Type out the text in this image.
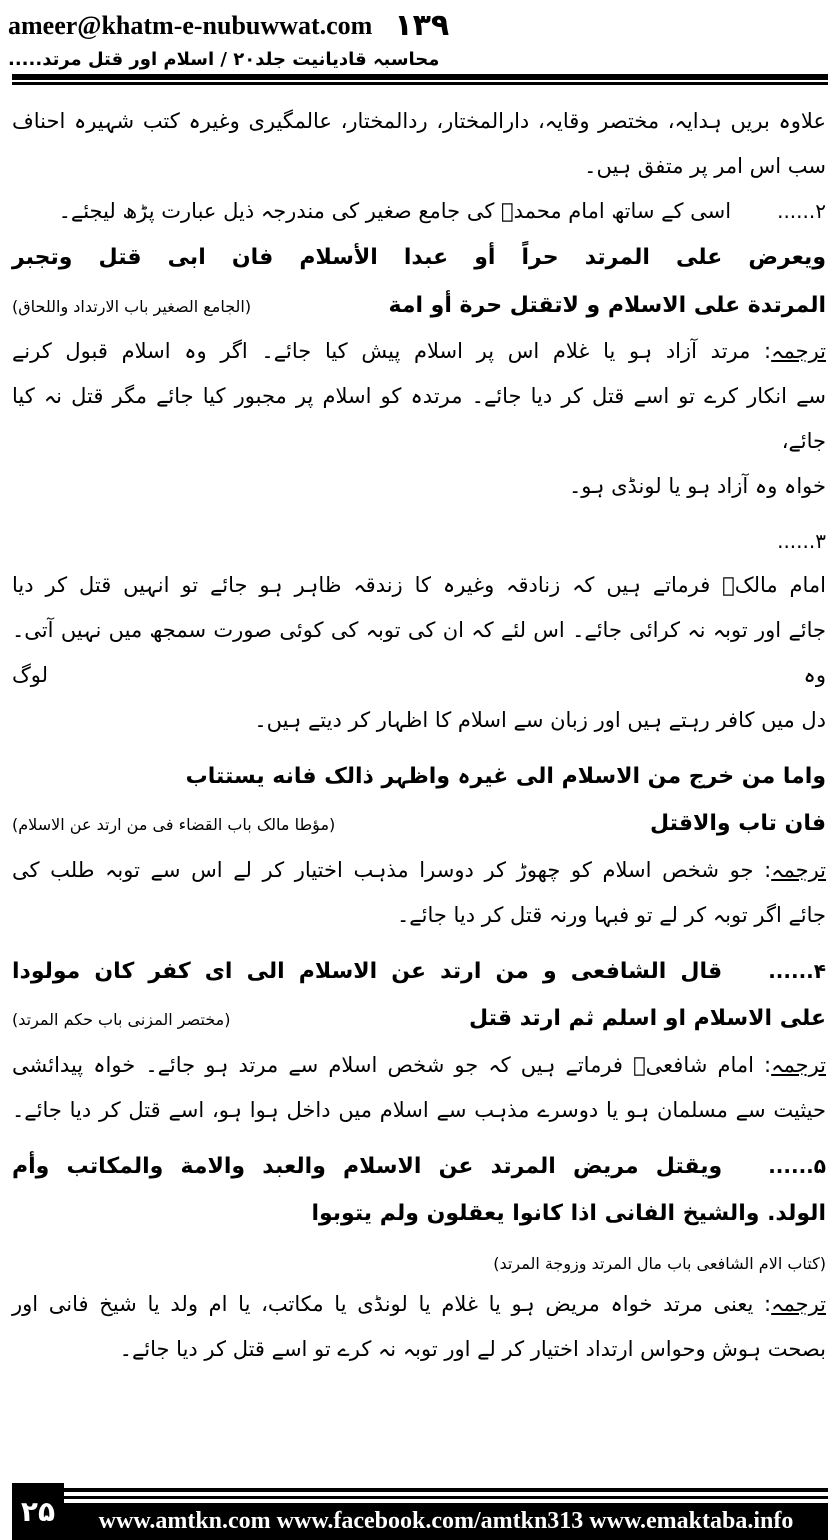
ameer@khatm-e-nubuwwat.com ۱۳۹
محاسبہ قادیانیت جلد۲۰ / اسلام اور قتل مرتد.....
علاوہ بریں ہدایہ، مختصر وقایہ، دارالمختار، ردالمختار، عالمگیری وغیرہ کتب شہیرہ احناف
سب اس امر پر متفق ہیں۔
۲......
اسی کے ساتھ امام محمدؒ کی جامع صغیر کی مندرجہ ذیل عبارت پڑھ لیجئے۔
ویعرض علی المرتد حراً أو عبدا الأسلام فان ابی قتل وتجبر
المرتدة علی الاسلام و لاتقتل حرة أو امة
(الجامع الصغیر باب الارتداد واللحاق)
ترجمہ: مرتد آزاد ہو یا غلام اس پر اسلام پیش کیا جائے۔ اگر وہ اسلام قبول کرنے
سے انکار کرے تو اسے قتل کر دیا جائے۔ مرتدہ کو اسلام پر مجبور کیا جائے مگر قتل نہ کیا جائے،
خواہ وہ آزاد ہو یا لونڈی ہو۔
۳......
امام مالکؒ فرماتے ہیں کہ زنادقہ وغیرہ کا زندقہ ظاہر ہو جائے تو انہیں قتل کر دیا
جائے اور توبہ نہ کرائی جائے۔ اس لئے کہ ان کی توبہ کی کوئی صورت سمجھ میں نہیں آتی۔ وہ لوگ
دل میں کافر رہتے ہیں اور زبان سے اسلام کا اظہار کر دیتے ہیں۔
واما من خرج من الاسلام الی غیرہ واظہر ذالک فانه یستتاب
فان تاب والاقتل
(مؤطا مالک باب القضاء فی من ارتد عن الاسلام)
ترجمہ: جو شخص اسلام کو چھوڑ کر دوسرا مذہب اختیار کر لے اس سے توبہ طلب کی
جائے اگر توبہ کر لے تو فبہا ورنہ قتل کر دیا جائے۔
۴......
قال الشافعی و من ارتد عن الاسلام الی ای کفر کان مولودا
علی الاسلام او اسلم ثم ارتد قتل
(مختصر المزنی باب حکم المرتد)
ترجمہ: امام شافعیؒ فرماتے ہیں کہ جو شخص اسلام سے مرتد ہو جائے۔ خواہ پیدائشی
حیثیت سے مسلمان ہو یا دوسرے مذہب سے اسلام میں داخل ہوا ہو، اسے قتل کر دیا جائے۔
۵......
ویقتل مریض المرتد عن الاسلام والعبد والامة والمکاتب وأم
الولد. والشیخ الفانی اذا کانوا یعقلون ولم یتوبوا
(کتاب الام الشافعی باب مال المرتد وزوجة المرتد)
ترجمہ: یعنی مرتد خواہ مریض ہو یا غلام یا لونڈی یا مکاتب، یا ام ولد یا شیخ فانی اور
بصحت ہوش وحواس ارتداد اختیار کر لے اور توبہ نہ کرے تو اسے قتل کر دیا جائے۔
۲۵	www.amtkn.com www.facebook.com/amtkn313 www.emaktaba.info
